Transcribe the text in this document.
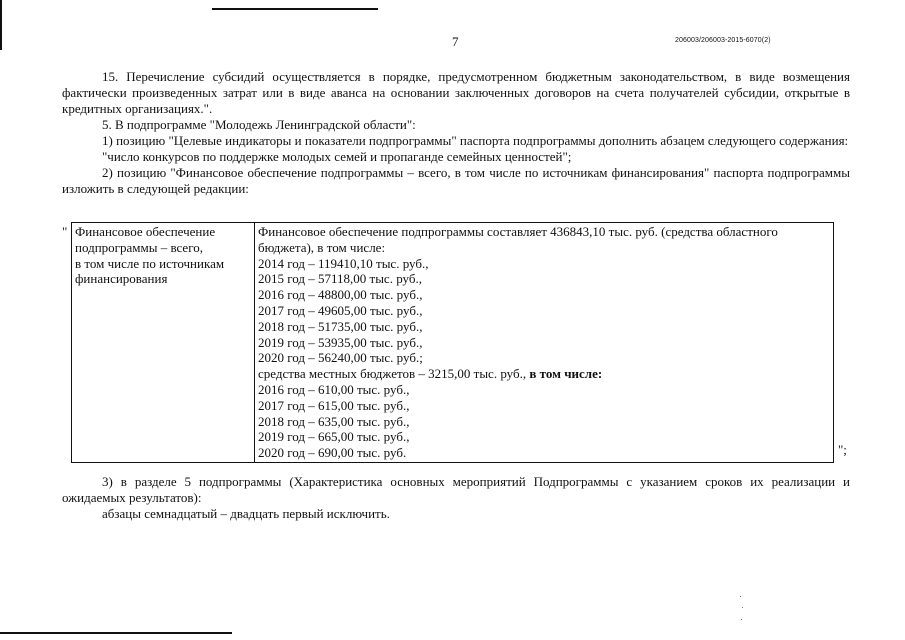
7	206003/206003-2015-6070(2)

15. Перечисление субсидий осуществляется в порядке, предусмотренном бюджетным законодательством, в виде возмещения фактически произведенных затрат или в виде аванса на основании заключенных договоров на счета получателей субсидии, открытые в кредитных организациях.".

5. В подпрограмме "Молодежь Ленинградской области":

1) позицию "Целевые индикаторы и показатели подпрограммы" паспорта подпрограммы дополнить абзацем следующего содержания:

"число конкурсов по поддержке молодых семей и пропаганде семейных ценностей";

2) позицию "Финансовое обеспечение подпрограммы – всего, в том числе по источникам финансирования" паспорта подпрограммы изложить в следующей редакции:

" Финансовое обеспечение
подпрограммы – всего,
в том числе по источникам
финансирования

Финансовое обеспечение подпрограммы составляет 436843,10 тыс. руб. (средства областного бюджета), в том числе:
2014 год – 119410,10 тыс. руб.,
2015 год – 57118,00 тыс. руб.,
2016 год – 48800,00 тыс. руб.,
2017 год – 49605,00 тыс. руб.,
2018 год – 51735,00 тыс. руб.,
2019 год – 53935,00 тыс. руб.,
2020 год – 56240,00 тыс. руб.;
средства местных бюджетов – 3215,00 тыс. руб., в том числе:
2016 год – 610,00 тыс. руб.,
2017 год – 615,00 тыс. руб.,
2018 год – 635,00 тыс. руб.,
2019 год – 665,00 тыс. руб.,
2020 год – 690,00 тыс. руб.	";

3) в разделе 5 подпрограммы (Характеристика основных мероприятий Подпрограммы с указанием сроков их реализации и ожидаемых результатов):

абзацы семнадцатый – двадцать первый исключить.
